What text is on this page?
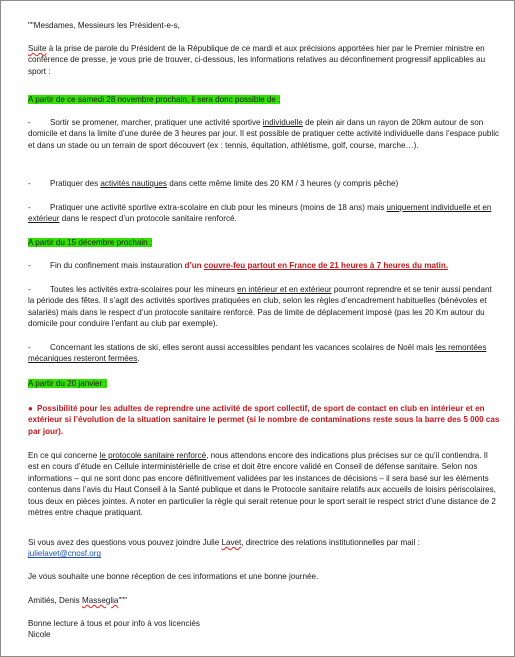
""Mesdames, Messieurs les Président-e-s,

Suite à la prise de parole du Président de la République de ce mardi et aux précisions apportées hier par le Premier ministre en conférence de presse, je vous prie de trouver, ci-dessous, les informations relatives au déconfinement progressif applicables au sport :

A partir de ce samedi 28 novembre prochain, il sera donc possible de :

- Sortir se promener, marcher, pratiquer une activité sportive individuelle de plein air dans un rayon de 20km autour de son domicile et dans la limite d’une durée de 3 heures par jour. Il est possible de pratiquer cette activité individuelle dans l’espace public et dans un stade ou un terrain de sport découvert (ex : tennis, équitation, athlétisme, golf, course, marche…).

- Pratiquer des activités nautiques dans cette même limite des 20 KM / 3 heures (y compris pêche)

- Pratiquer une activité sportive extra-scolaire en club pour les mineurs (moins de 18 ans) mais uniquement individuelle et en extérieur dans le respect d’un protocole sanitaire renforcé.

A partir du 15 décembre prochain :

- Fin du confinement mais instauration d’un couvre-feu partout en France de 21 heures à 7 heures du matin.

- Toutes les activités extra-scolaires pour les mineurs en intérieur et en extérieur pourront reprendre et se tenir aussi pendant la période des fêtes. Il s’agit des activités sportives pratiquées en club, selon les règles d’encadrement habituelles (bénévoles et salariés) mais dans le respect d’un protocole sanitaire renforcé. Pas de limite de déplacement imposé (pas les 20 Km autour du domicile pour conduire l’enfant au club par exemple).

- Concernant les stations de ski, elles seront aussi accessibles pendant les vacances scolaires de Noël mais les remontées mécaniques resteront fermées.

A partir du 20 janvier :

● Possibilité pour les adultes de reprendre une activité de sport collectif, de sport de contact en club en intérieur et en extérieur si l’évolution de la situation sanitaire le permet (si le nombre de contaminations reste sous la barre des 5 000 cas par jour).

En ce qui concerne le protocole sanitaire renforcé, nous attendons encore des indications plus précises sur ce qu’il contiendra. Il est en cours d’étude en Cellule interministérielle de crise et doit être encore validé en Conseil de défense sanitaire. Selon nos informations – qui ne sont donc pas encore définitivement validées par les instances de décisions – il sera basé sur les éléments contenus dans l’avis du Haut Conseil à la Santé publique et dans le Protocole sanitaire relatifs aux accueils de loisirs périscolaires, tous deux en pièces jointes. A noter en particulier la règle qui serait retenue pour le sport serait le respect strict d’une distance de 2 mètres entre chaque pratiquant.

Si vous avez des questions vous pouvez joindre Julie Lavet, directrice des relations institutionnelles par mail :
julielavet@cnosf.org

Je vous souhaite une bonne réception de ces informations et une bonne journée.

Amitiés, Denis Masseglia"""

Bonne lecture à tous et pour info à vos licenciés
Nicole
